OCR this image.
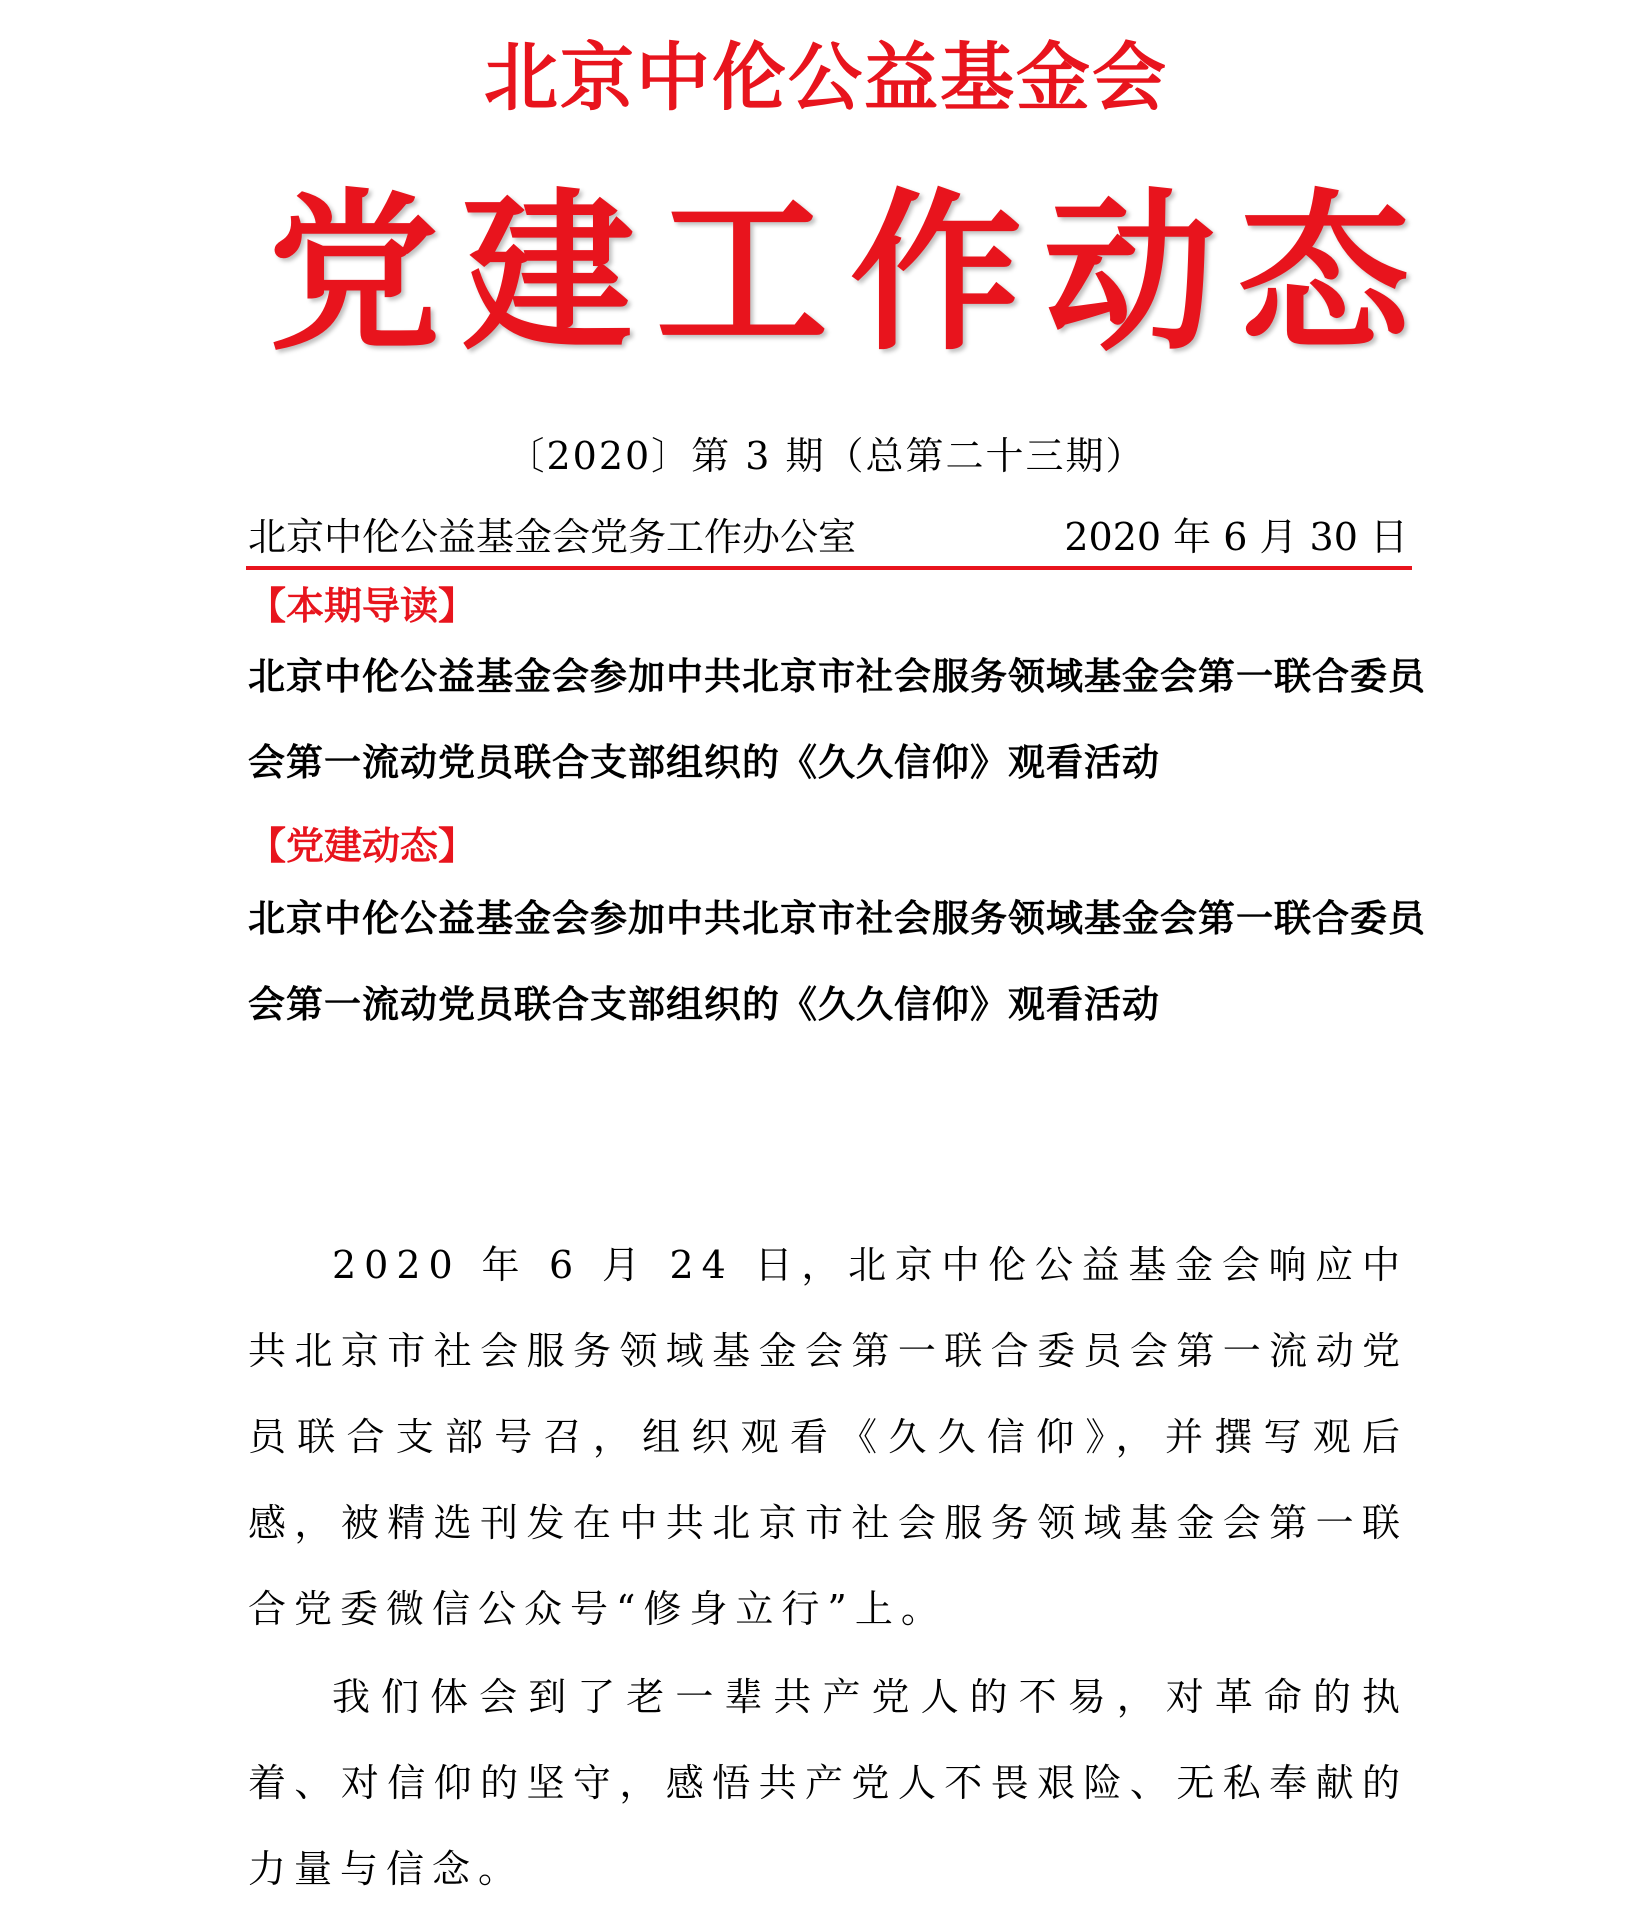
北京中伦公益基金会
党建工作动态
〔2020〕第 3 期（总第二十三期）
北京中伦公益基金会党务工作办公室	2020 年 6 月 30 日
【本期导读】
北京中伦公益基金会参加中共北京市社会服务领域基金会第一联合委员会第一流动党员联合支部组织的《久久信仰》观看活动
【党建动态】
北京中伦公益基金会参加中共北京市社会服务领域基金会第一联合委员会第一流动党员联合支部组织的《久久信仰》观看活动
2020 年 6 月 24 日，北京中伦公益基金会响应中共北京市社会服务领域基金会第一联合委员会第一流动党员联合支部号召，组织观看《久久信仰》，并撰写观后感，被精选刊发在中共北京市社会服务领域基金会第一联合党委微信公众号“修身立行”上。
我们体会到了老一辈共产党人的不易，对革命的执着、对信仰的坚守，感悟共产党人不畏艰险、无私奉献的力量与信念。
